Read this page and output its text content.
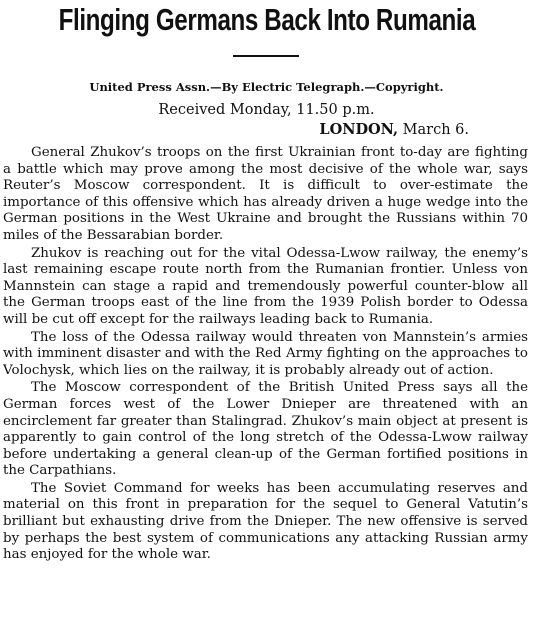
Flinging Germans Back Into Rumania
United Press Assn.—By Electric Telegraph.—Copyright.
Received Monday, 11.50 p.m.
LONDON, March 6.

General Zhukov’s troops on the first Ukrainian front to-day are fighting a battle which may prove among the most decisive of the whole war, says Reuter’s Moscow correspondent. It is difficult to over-estimate the importance of this offensive which has already driven a huge wedge into the German positions in the West Ukraine and brought the Russians within 70 miles of the Bessarabian border.

Zhukov is reaching out for the vital Odessa-Lwow railway, the enemy’s last remaining escape route north from the Rumanian frontier. Unless von Mannstein can stage a rapid and tremendously powerful counter-blow all the German troops east of the line from the 1939 Polish border to Odessa will be cut off except for the railways leading back to Rumania.

The loss of the Odessa railway would threaten von Mannstein’s armies with imminent disaster and with the Red Army fighting on the approaches to Volochysk, which lies on the railway, it is probably already out of action.

The Moscow correspondent of the British United Press says all the German forces west of the Lower Dnieper are threatened with an encirclement far greater than Stalingrad. Zhukov’s main object at present is apparently to gain control of the long stretch of the Odessa-Lwow railway before undertaking a general clean-up of the German fortified positions in the Carpathians.

The Soviet Command for weeks has been accumulating reserves and material on this front in preparation for the sequel to General Vatutin’s brilliant but exhausting drive from the Dnieper. The new offensive is served by perhaps the best system of communications any attacking Russian army has enjoyed for the whole war.
